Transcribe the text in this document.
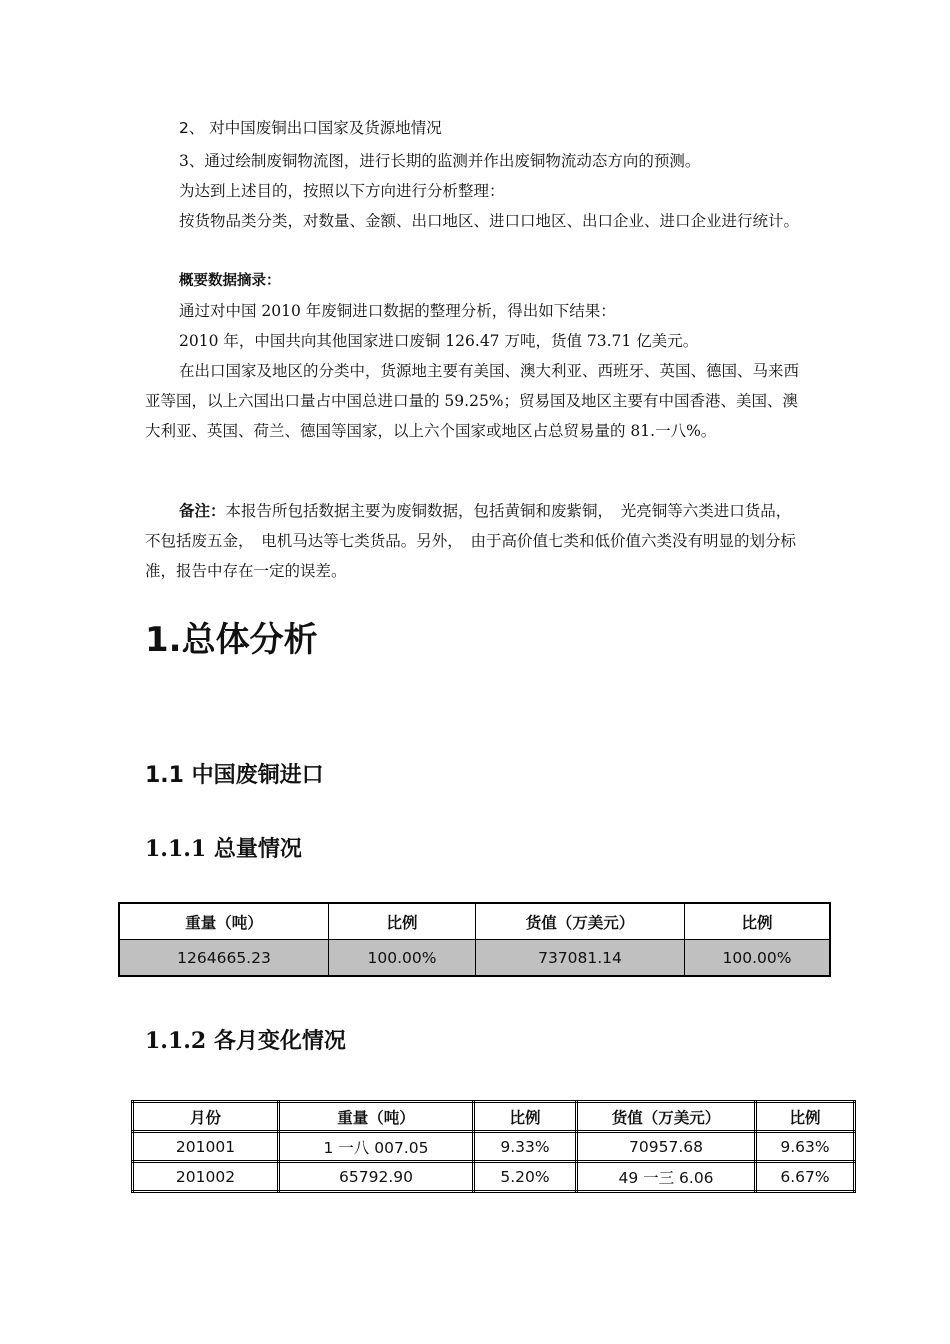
2、 对中国废铜出口国家及货源地情况

3、通过绘制废铜物流图，进行长期的监测并作出废铜物流动态方向的预测。

为达到上述目的，按照以下方向进行分析整理：

按货物品类分类，对数量、金额、出口地区、进口口地区、出口企业、进口企业进行统计。

概要数据摘录：

通过对中国 2010 年废铜进口数据的整理分析，得出如下结果：

2010 年，中国共向其他国家进口废铜 126.47 万吨，货值 73.71 亿美元。

在出口国家及地区的分类中，货源地主要有美国、澳大利亚、西班牙、英国、德国、马来西亚等国，以上六国出口量占中国总进口量的 59.25%；贸易国及地区主要有中国香港、美国、澳大利亚、英国、荷兰、德国等国家，以上六个国家或地区占总贸易量的 81.一八%。

备注：本报告所包括数据主要为废铜数据，包括黄铜和废紫铜，　光亮铜等六类进口货品，不包括废五金，　电机马达等七类货品。另外，　由于高价值七类和低价值六类没有明显的划分标准，报告中存在一定的误差。

1.总体分析
1.1 中国废铜进口
1.1.1 总量情况
重量（吨）	比例	货值（万美元）	比例
1264665.23	100.00%	737081.14	100.00%
1.1.2 各月变化情况
月份	重量（吨）	比例	货值（万美元）	比例
201001	1 一八 007.05	9.33%	70957.68	9.63%
201002	65792.90	5.20%	49 一三 6.06	6.67%
